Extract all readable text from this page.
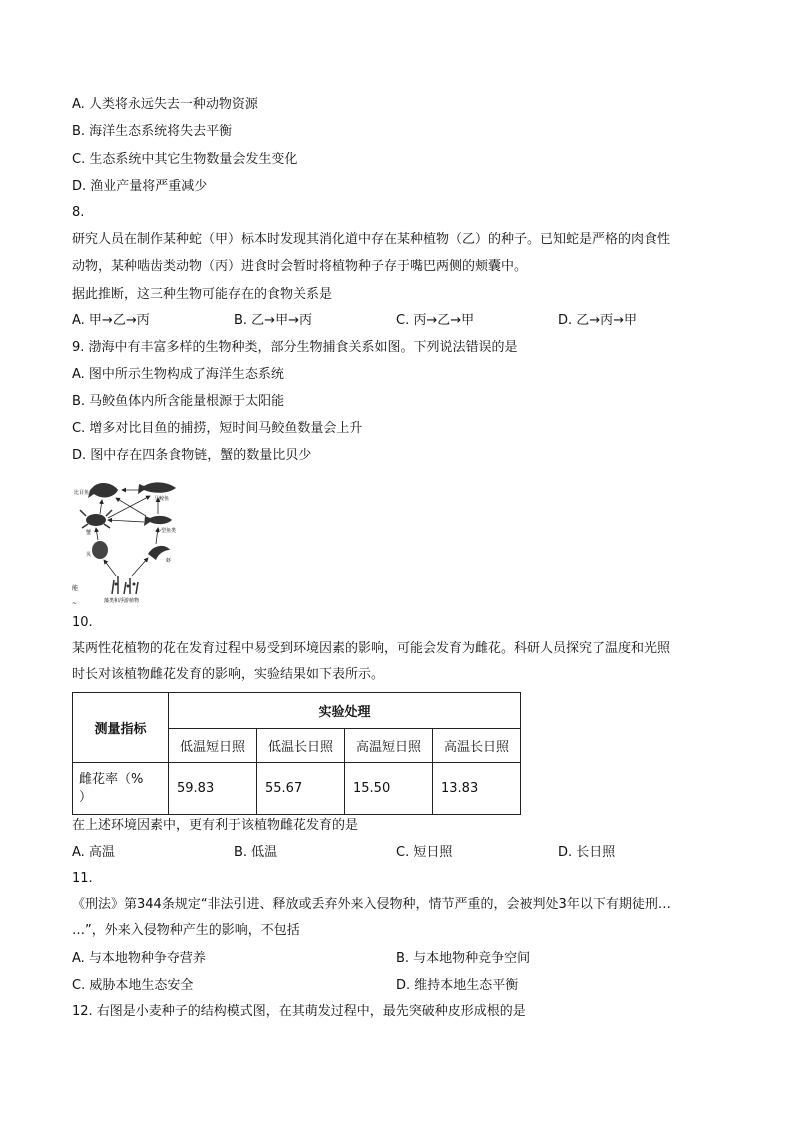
A. 人类将永远失去一种动物资源
B. 海洋生态系统将失去平衡
C. 生态系统中其它生物数量会发生变化
D. 渔业产量将严重减少
8.
研究人员在制作某种蛇（甲）标本时发现其消化道中存在某种植物（乙）的种子。已知蛇是严格的肉食性
动物，某种啮齿类动物（丙）进食时会暂时将植物种子存于嘴巴两侧的颊囊中。
据此推断，这三种生物可能存在的食物关系是
A. 甲→乙→丙	B. 乙→甲→丙	C. 丙→乙→甲	D. 乙→丙→甲
9. 渤海中有丰富多样的生物种类，部分生物捕食关系如图。下列说法错误的是
A. 图中所示生物构成了海洋生态系统
B. 马鲛鱼体内所含能量根源于太阳能
C. 增多对比目鱼的捕捞，短时间马鲛鱼数量会上升
D. 图中存在四条食物链，蟹的数量比贝少
比目鱼
马鲛鱼
蟹	小型鱼类
贝
虾
藻类和浮游植物
能
~
10.
某两性花植物的花在发育过程中易受到环境因素的影响，可能会发育为雌花。科研人员探究了温度和光照
时长对该植物雌花发育的影响，实验结果如下表所示。
测量指标	实验处理			
	低温短日照	低温长日照	高温短日照	高温长日照

雌花率（%
）	59.83	55.67	15.50	13.83
在上述环境因素中，更有利于该植物雌花发育的是
A. 高温	B. 低温	C. 短日照	D. 长日照
11.
《刑法》第344条规定“非法引进、释放或丢弃外来入侵物种，情节严重的，会被判处3年以下有期徒刑…
…”，外来入侵物种产生的影响，不包括
A. 与本地物种争夺营养	B. 与本地物种竞争空间
C. 威胁本地生态安全	D. 维持本地生态平衡
12. 右图是小麦种子的结构模式图，在其萌发过程中，最先突破种皮形成根的是
